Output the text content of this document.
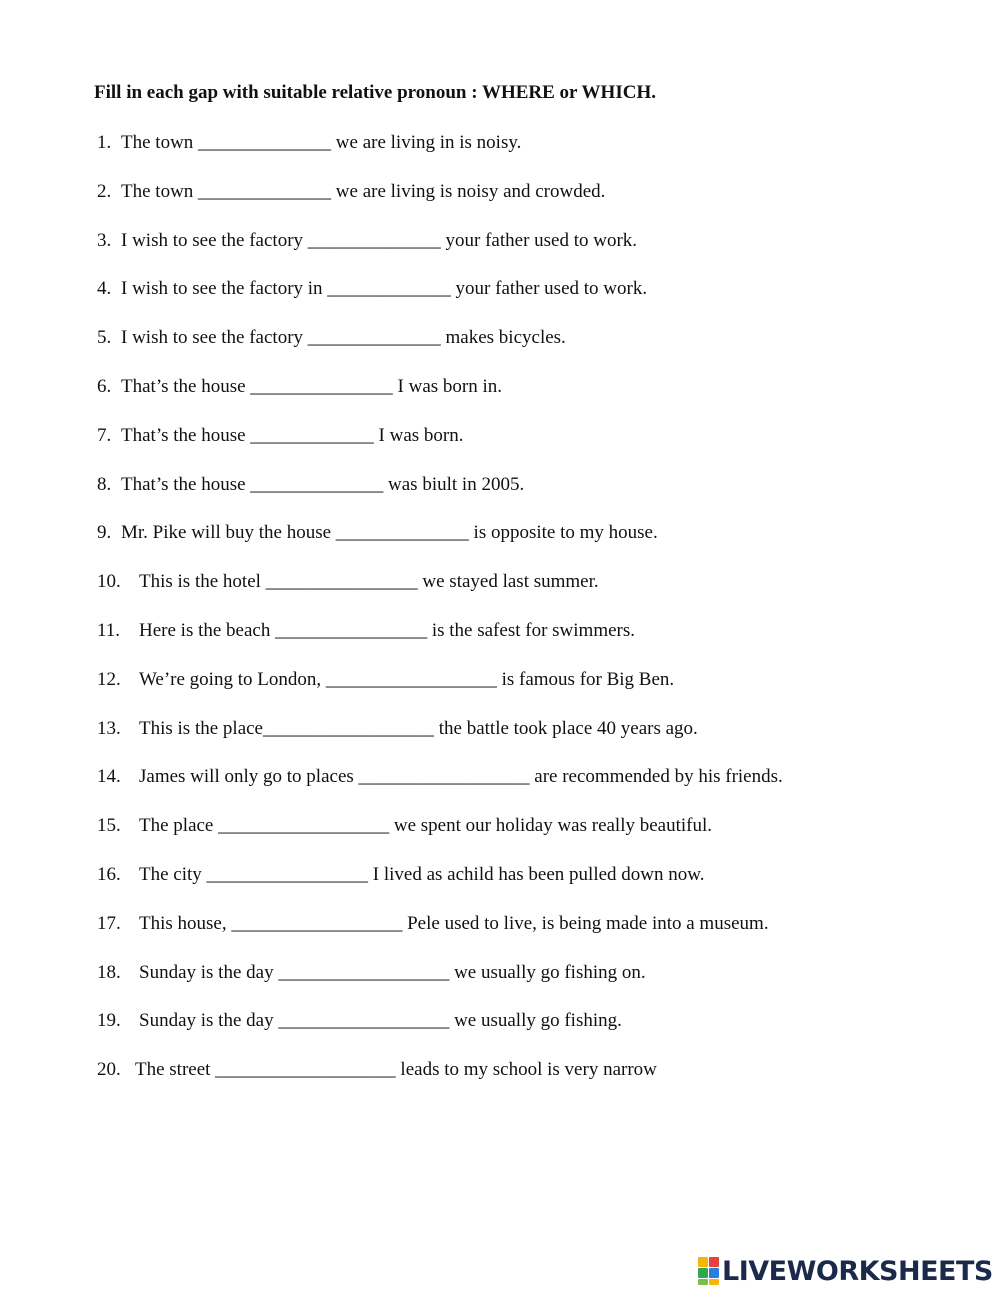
Fill in each gap with suitable relative pronoun : WHERE or WHICH.
1. The town ______________ we are living in is noisy.
2. The town ______________ we are living is noisy and crowded.
3. I wish to see the factory ______________ your father used to work.
4. I wish to see the factory in _____________ your father used to work.
5. I wish to see the factory ______________ makes bicycles.
6. That’s the house _______________ I was born in.
7. That’s the house _____________ I was born.
8. That’s the house ______________ was biult in 2005.
9. Mr. Pike will buy the house ______________ is opposite to my house.
10. This is the hotel ________________ we stayed last summer.
11. Here is the beach ________________ is the safest for swimmers.
12. We’re going to London, __________________ is famous for Big Ben.
13. This is the place__________________ the battle took place 40 years ago.
14. James will only go to places __________________ are recommended by his friends.
15. The place __________________ we spent our holiday was really beautiful.
16. The city _________________ I lived as achild has been pulled down now.
17. This house, __________________ Pele used to live, is being made into a museum.
18. Sunday is the day __________________ we usually go fishing on.
19. Sunday is the day __________________ we usually go fishing.
20. The street ___________________ leads to my school is very narrow
LIVEWORKSHEETS
